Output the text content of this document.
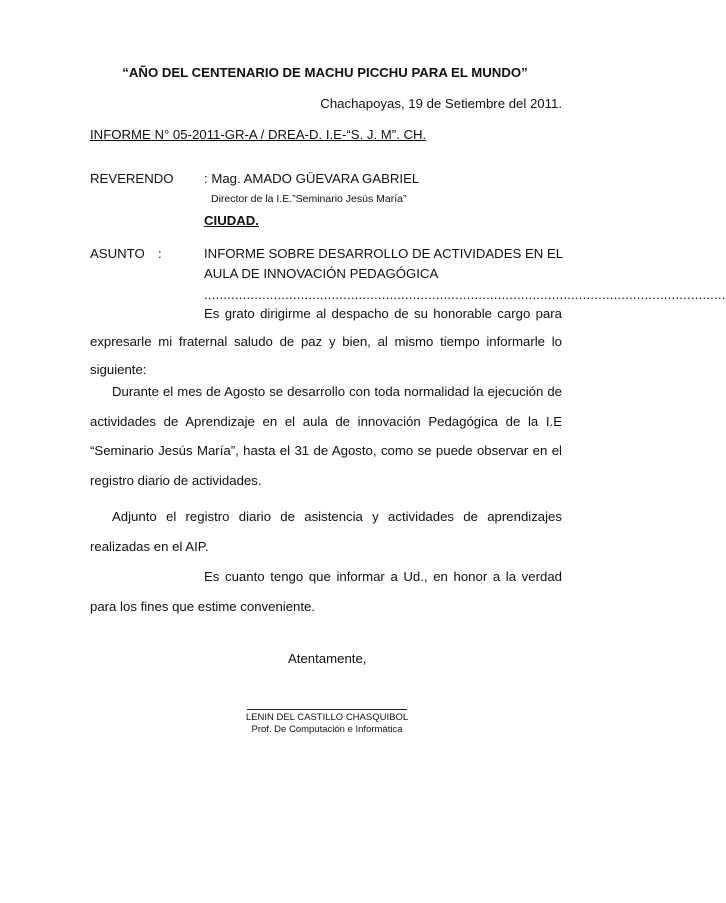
“AÑO DEL CENTENARIO DE MACHU PICCHU PARA EL MUNDO”
Chachapoyas, 19 de Setiembre del 2011.
INFORME N° 05-2011-GR-A / DREA-D. I.E-“S. J. M”. CH.
REVERENDO : Mag. AMADO GÜEVARA GABRIEL
Director de la I.E.”Seminario Jesús María”
CIUDAD.
ASUNTO :	INFORME SOBRE DESARROLLO DE ACTIVIDADES EN EL
AULA DE INNOVACIÓN PEDAGÓGICA
.......................................................................................................................................

Es grato dirigirme al despacho de su honorable cargo para expresarle mi fraternal saludo de paz y bien, al mismo tiempo informarle lo siguiente:

Durante el mes de Agosto se desarrollo con toda normalidad la ejecución de actividades de Aprendizaje en el aula de innovación Pedagógica de la I.E “Seminario Jesús María”, hasta el 31 de Agosto, como se puede observar en el registro diario de actividades.

Adjunto el registro diario de asistencia y actividades de aprendizajes realizadas en el AIP.

Es cuanto tengo que informar a Ud., en honor a la verdad para los fines que estime conveniente.

Atentamente,
LENIN DEL CASTILLO CHASQUIBOL
Prof. De Computación e Informática
